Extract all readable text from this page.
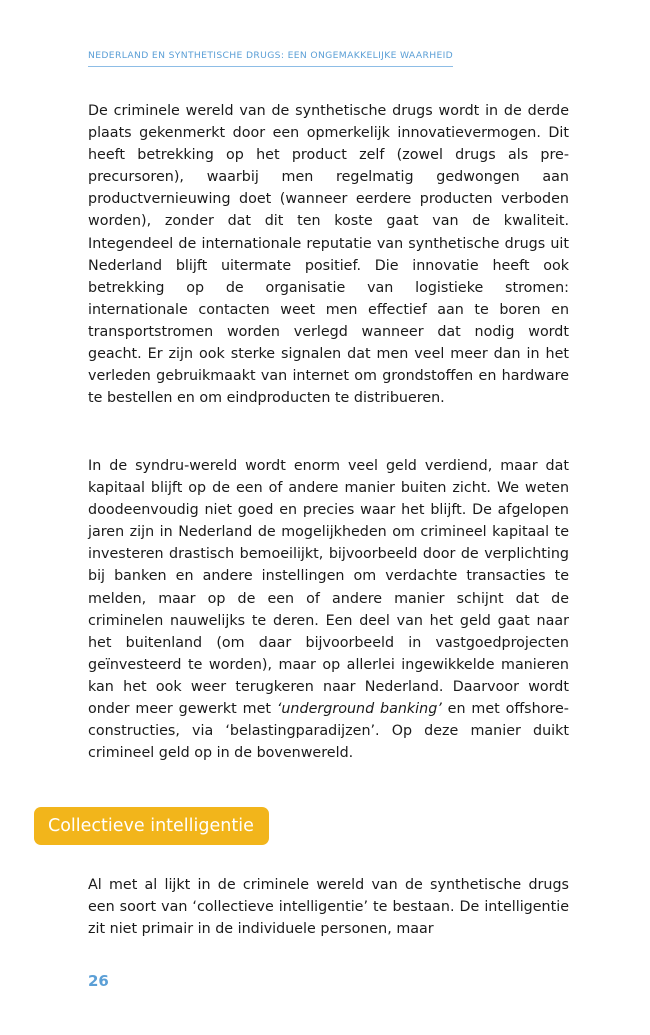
NEDERLAND EN SYNTHETISCHE DRUGS: EEN ONGEMAKKELIJKE WAARHEID

De criminele wereld van de synthetische drugs wordt in de derde plaats gekenmerkt door een opmerkelijk innovatievermogen. Dit heeft betrekking op het product zelf (zowel drugs als pre-precursoren), waarbij men regelmatig gedwongen aan productvernieuwing doet (wanneer eerdere producten verboden worden), zonder dat dit ten koste gaat van de kwaliteit. Integendeel de internationale reputatie van synthetische drugs uit Nederland blijft uitermate positief. Die innovatie heeft ook betrekking op de organisatie van logistieke stromen: internationale contacten weet men effectief aan te boren en transportstromen worden verlegd wanneer dat nodig wordt geacht. Er zijn ook sterke signalen dat men veel meer dan in het verleden gebruikmaakt van internet om grondstoffen en hardware te bestellen en om eindproducten te distribueren.

In de syndru-wereld wordt enorm veel geld verdiend, maar dat kapitaal blijft op de een of andere manier buiten zicht. We weten doodeenvoudig niet goed en precies waar het blijft. De afgelopen jaren zijn in Nederland de mogelijkheden om crimineel kapitaal te investeren drastisch bemoeilijkt, bijvoorbeeld door de verplichting bij banken en andere instellingen om verdachte transacties te melden, maar op de een of andere manier schijnt dat de criminelen nauwelijks te deren. Een deel van het geld gaat naar het buitenland (om daar bijvoorbeeld in vastgoedprojecten geïnvesteerd te worden), maar op allerlei ingewikkelde manieren kan het ook weer terugkeren naar Nederland. Daarvoor wordt onder meer gewerkt met ‘underground banking’ en met offshoreconstructies, via ‘belastingparadijzen’. Op deze manier duikt crimineel geld op in de bovenwereld.

Collectieve intelligentie

Al met al lijkt in de criminele wereld van de synthetische drugs een soort van ‘collectieve intelligentie’ te bestaan. De intelligentie zit niet primair in de individuele personen, maar

26
